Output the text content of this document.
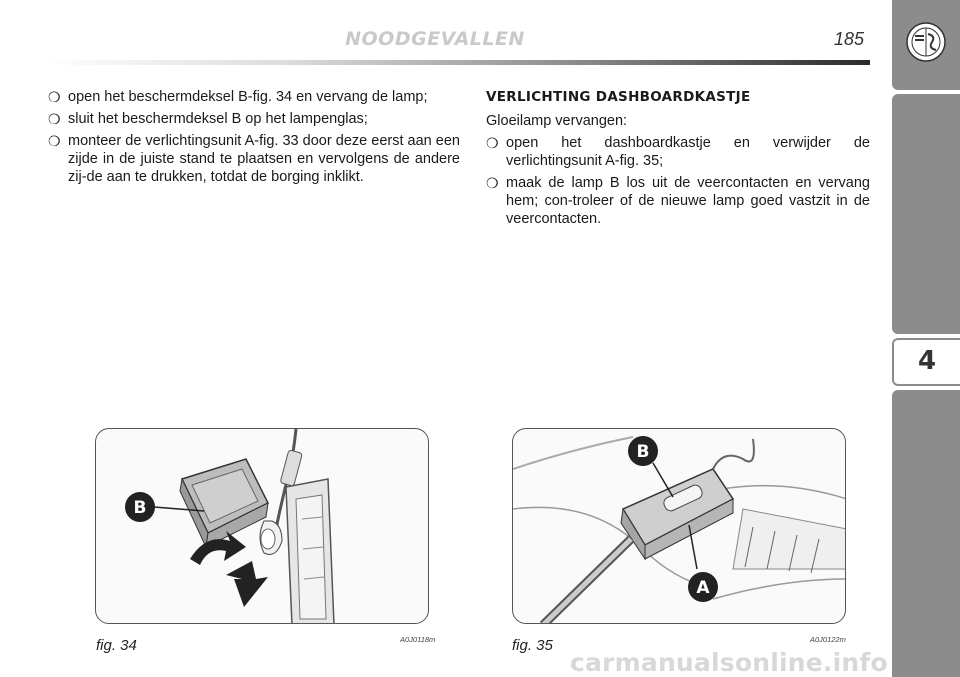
NOODGEVALLEN	185
4
❍ open het beschermdeksel B-fig. 34 en vervang de lamp;
❍ sluit het beschermdeksel B op het lampenglas;
❍ monteer de verlichtingsunit A-fig. 33 door deze eerst aan een zijde in de juiste stand te plaatsen en vervolgens de andere zij-de aan te drukken, totdat de borging inklikt.
VERLICHTING DASHBOARDKASTJE
Gloeilamp vervangen:
❍ open het dashboardkastje en verwijder de verlichtingsunit A-fig. 35;
❍ maak de lamp B los uit de veercontacten en vervang hem; con-troleer of de nieuwe lamp goed vastzit in de veercontacten.
B
fig. 34	A0J0118m
B
A
fig. 35	A0J0122m
carmanualsonline.info
